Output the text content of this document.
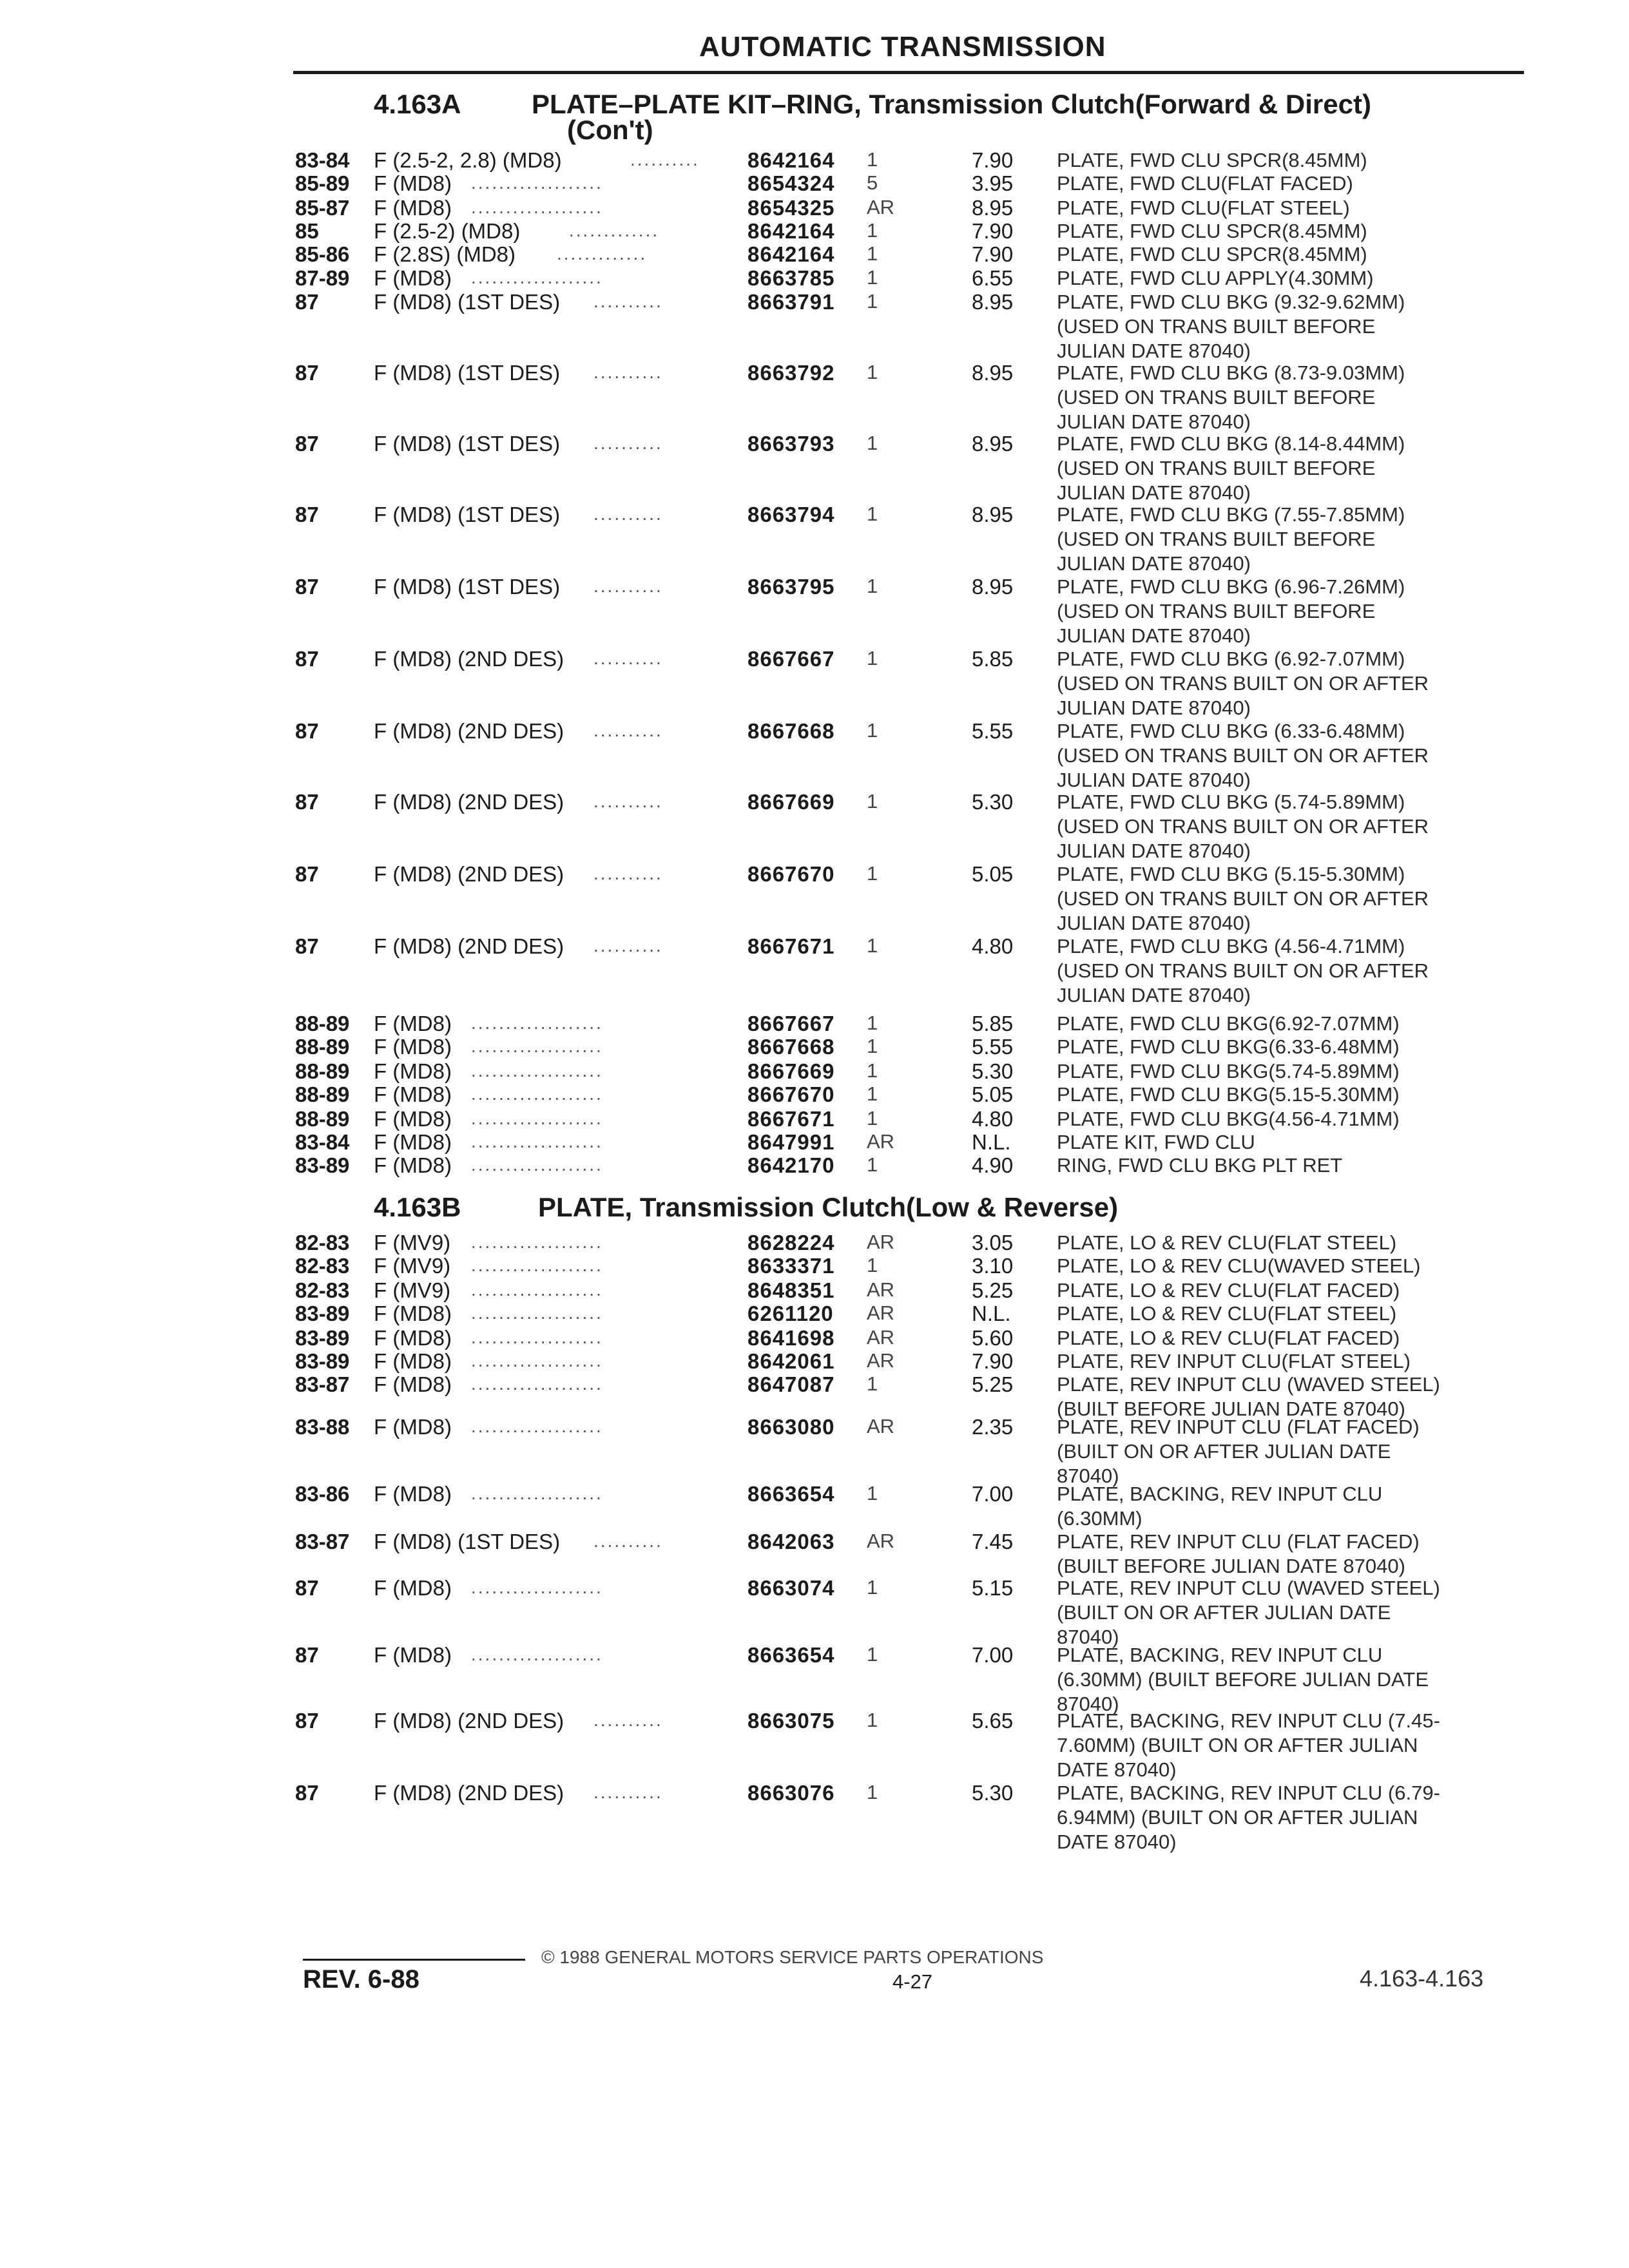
AUTOMATIC TRANSMISSION
4.163A	PLATE–PLATE KIT–RING, Transmission Clutch(Forward & Direct)
(Con't)
83-84 F (2.5-2, 2.8) (MD8)	8642164 1	7.90 PLATE, FWD CLU SPCR(8.45MM)
..........
85-89 F (MD8)	8654324 5	3.95 PLATE, FWD CLU(FLAT FACED)
...................
85-87 F (MD8)	8654325 AR	8.95 PLATE, FWD CLU(FLAT STEEL)
...................
85	F (2.5-2) (MD8)	8642164 1	7.90 PLATE, FWD CLU SPCR(8.45MM)
.............
85-86 F (2.8S) (MD8)	8642164 1	7.90 PLATE, FWD CLU SPCR(8.45MM)
.............
87-89 F (MD8)	8663785 1	6.55 PLATE, FWD CLU APPLY(4.30MM)
...................
87	F (MD8) (1ST DES)	8663791 1	8.95 PLATE, FWD CLU BKG (9.32-9.62MM)
(USED ON TRANS BUILT BEFORE
JULIAN DATE 87040)
..........
87	F (MD8) (1ST DES)	8663792 1	8.95 PLATE, FWD CLU BKG (8.73-9.03MM)
(USED ON TRANS BUILT BEFORE
JULIAN DATE 87040)
..........
87	F (MD8) (1ST DES)	8663793 1	8.95 PLATE, FWD CLU BKG (8.14-8.44MM)
(USED ON TRANS BUILT BEFORE
JULIAN DATE 87040)
..........
87	F (MD8) (1ST DES)	8663794 1	8.95 PLATE, FWD CLU BKG (7.55-7.85MM)
(USED ON TRANS BUILT BEFORE
JULIAN DATE 87040)
..........
87	F (MD8) (1ST DES)	8663795 1	8.95 PLATE, FWD CLU BKG (6.96-7.26MM)
(USED ON TRANS BUILT BEFORE
JULIAN DATE 87040)
..........
87	F (MD8) (2ND DES)	8667667 1	5.85 PLATE, FWD CLU BKG (6.92-7.07MM)
(USED ON TRANS BUILT ON OR AFTER
JULIAN DATE 87040)
..........
87	F (MD8) (2ND DES)	8667668 1	5.55 PLATE, FWD CLU BKG (6.33-6.48MM)
(USED ON TRANS BUILT ON OR AFTER
JULIAN DATE 87040)
..........
87	F (MD8) (2ND DES)	8667669 1	5.30 PLATE, FWD CLU BKG (5.74-5.89MM)
(USED ON TRANS BUILT ON OR AFTER
JULIAN DATE 87040)
..........
87	F (MD8) (2ND DES)	8667670 1	5.05 PLATE, FWD CLU BKG (5.15-5.30MM)
(USED ON TRANS BUILT ON OR AFTER
JULIAN DATE 87040)
..........
87	F (MD8) (2ND DES)	8667671 1	4.80 PLATE, FWD CLU BKG (4.56-4.71MM)
(USED ON TRANS BUILT ON OR AFTER
JULIAN DATE 87040)
..........
88-89 F (MD8)	8667667 1	5.85 PLATE, FWD CLU BKG(6.92-7.07MM)
...................
88-89 F (MD8)	8667668 1	5.55 PLATE, FWD CLU BKG(6.33-6.48MM)
...................
88-89 F (MD8)	8667669 1	5.30 PLATE, FWD CLU BKG(5.74-5.89MM)
...................
88-89 F (MD8)	8667670 1	5.05 PLATE, FWD CLU BKG(5.15-5.30MM)
...................
88-89 F (MD8)	8667671 1	4.80 PLATE, FWD CLU BKG(4.56-4.71MM)
...................
83-84 F (MD8)	8647991 AR	N.L. PLATE KIT, FWD CLU
...................
83-89 F (MD8)	8642170 1	4.90 RING, FWD CLU BKG PLT RET
...................
4.163B	PLATE, Transmission Clutch(Low & Reverse)
82-83 F (MV9)	8628224 AR	3.05 PLATE, LO & REV CLU(FLAT STEEL)
...................
82-83 F (MV9)	8633371 1	3.10 PLATE, LO & REV CLU(WAVED STEEL)
...................
82-83 F (MV9)	8648351 AR	5.25 PLATE, LO & REV CLU(FLAT FACED)
...................
83-89 F (MD8)	6261120 AR	N.L. PLATE, LO & REV CLU(FLAT STEEL)
...................
83-89 F (MD8)	8641698 AR	5.60 PLATE, LO & REV CLU(FLAT FACED)
...................
83-89 F (MD8)	8642061 AR	7.90 PLATE, REV INPUT CLU(FLAT STEEL)
...................
83-87 F (MD8)	8647087 1	5.25 PLATE, REV INPUT CLU (WAVED STEEL)
(BUILT BEFORE JULIAN DATE 87040)
...................
83-88 F (MD8)	8663080 AR	2.35 PLATE, REV INPUT CLU (FLAT FACED)
(BUILT ON OR AFTER JULIAN DATE
87040)
...................
83-86 F (MD8)	8663654 1	7.00 PLATE, BACKING, REV INPUT CLU
(6.30MM)
...................
83-87 F (MD8) (1ST DES)	8642063 AR	7.45 PLATE, REV INPUT CLU (FLAT FACED)
(BUILT BEFORE JULIAN DATE 87040)
..........
87	F (MD8)	8663074 1	5.15 PLATE, REV INPUT CLU (WAVED STEEL)
(BUILT ON OR AFTER JULIAN DATE
87040)
...................
87	F (MD8)	8663654 1	7.00 PLATE, BACKING, REV INPUT CLU
(6.30MM) (BUILT BEFORE JULIAN DATE
87040)
...................
87	F (MD8) (2ND DES)	8663075 1	5.65 PLATE, BACKING, REV INPUT CLU (7.45-
7.60MM) (BUILT ON OR AFTER JULIAN
DATE 87040)
..........
87	F (MD8) (2ND DES)	8663076 1	5.30 PLATE, BACKING, REV INPUT CLU (6.79-
6.94MM) (BUILT ON OR AFTER JULIAN
DATE 87040)
..........
© 1988 GENERAL MOTORS SERVICE PARTS OPERATIONS
REV. 6-88	4-27	4.163-4.163
